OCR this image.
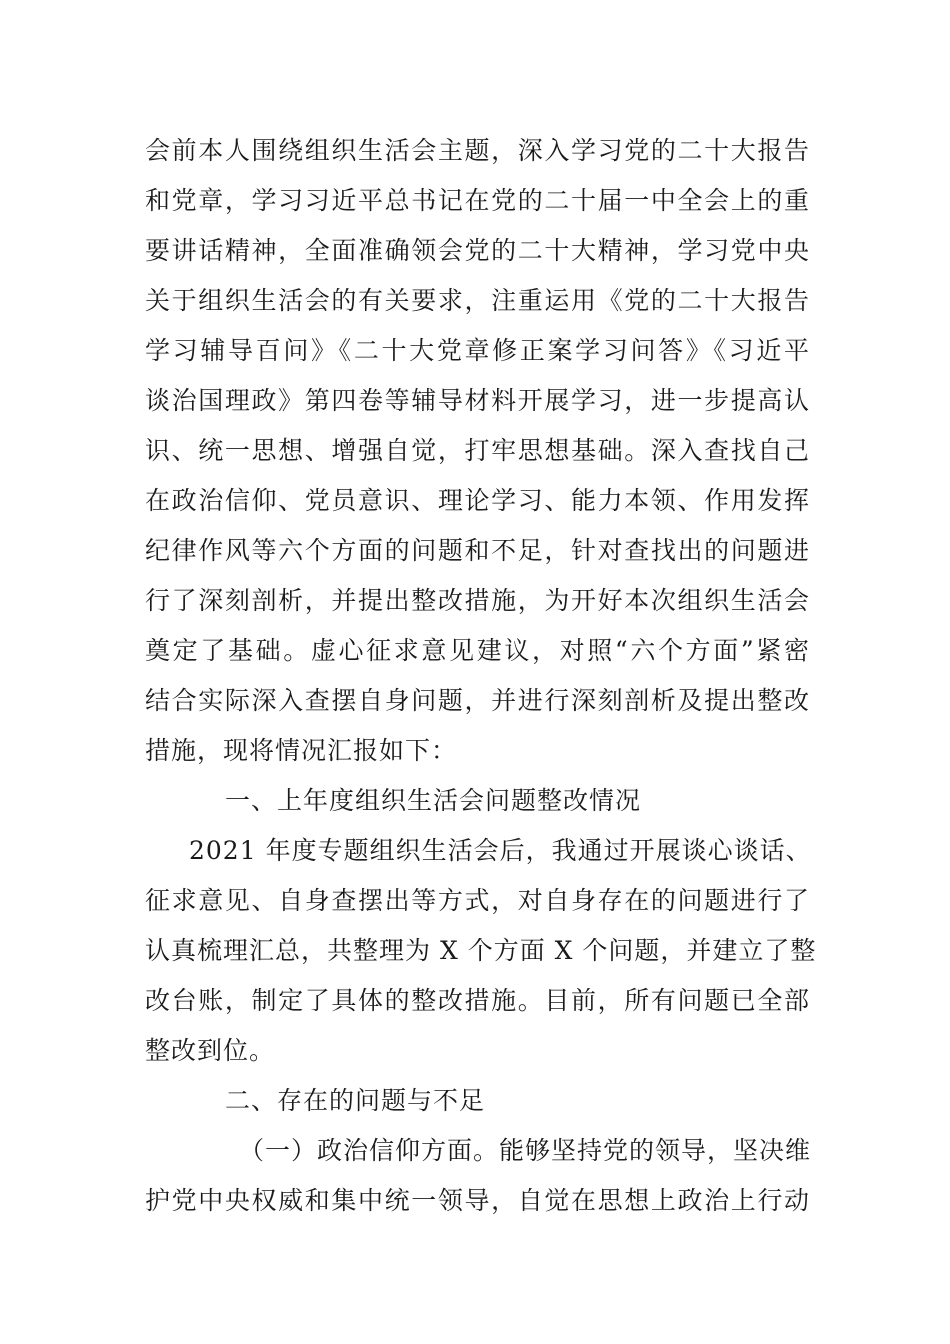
会前本人围绕组织生活会主题，深入学习党的二十大报告
和党章，学习习近平总书记在党的二十届一中全会上的重
要讲话精神，全面准确领会党的二十大精神，学习党中央
关于组织生活会的有关要求，注重运用《党的二十大报告
学习辅导百问》《二十大党章修正案学习问答》《习近平
谈治国理政》第四卷等辅导材料开展学习，进一步提高认
识、统一思想、增强自觉，打牢思想基础。深入查找自己
在政治信仰、党员意识、理论学习、能力本领、作用发挥
纪律作风等六个方面的问题和不足，针对查找出的问题进
行了深刻剖析，并提出整改措施，为开好本次组织生活会
奠定了基础。虚心征求意见建议，对照“六个方面”紧密
结合实际深入查摆自身问题，并进行深刻剖析及提出整改
措施，现将情况汇报如下：
一、上年度组织生活会问题整改情况
2021 年度专题组织生活会后，我通过开展谈心谈话、
征求意见、自身查摆出等方式，对自身存在的问题进行了
认真梳理汇总，共整理为 X 个方面 X 个问题，并建立了整
改台账，制定了具体的整改措施。目前，所有问题已全部
整改到位。
二、存在的问题与不足
（一）政治信仰方面。能够坚持党的领导，坚决维
护党中央权威和集中统一领导，自觉在思想上政治上行动
